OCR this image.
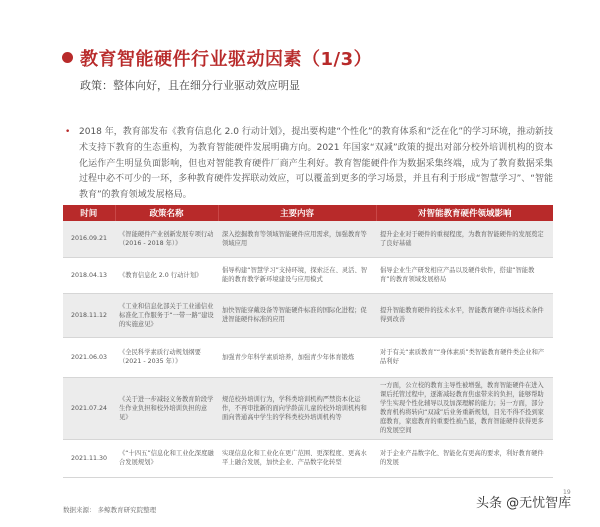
教育智能硬件行业驱动因素（1/3）
政策：整体向好，且在细分行业驱动效应明显
• 2018 年，教育部发布《教育信息化 2.0 行动计划》，提出要构建“个性化”的教育体系和“泛在化”的学习环境，推动新技术支持下教育的生态重构，为教育智能硬件发展明确方向。2021 年国家“双减”政策的提出对部分校外培训机构的资本化运作产生明显负面影响，但也对智能教育硬件厂商产生利好。教育智能硬件作为数据采集终端，成为了教育数据采集过程中必不可少的一环，多种教育硬件发挥联动效应，可以覆盖到更多的学习场景，并且有利于形成“智慧学习”、“智能教育”的教育领域发展格局。
时间	政策名称	主要内容	对智能教育硬件领域影响
2016.09.21	《智能硬件产业创新发展专项行动（2016 - 2018 年）》	深入挖掘教育等领域智能硬件应用需求，加强教育等领域应用	提升企业对于硬件的重视程度，为教育智能硬件的发展奠定了良好基础
2018.04.13	《教育信息化 2.0 行动计划》	倡导构建“智慧学习”支持环境，探索泛在、灵活、智能的教育教学新环境建设与应用模式	倡导企业生产研发相应产品以及硬件软件，搭建“智能教育”的教育领域发展格局
2018.11.12	《工业和信息化部关于工业通信业标准化工作服务于“一带一路”建设的实施意见》	加快智能穿戴设备等智能硬件标准的国际化进程；促进智能硬件标准的应用	提升智能教育硬件的技术水平，智能教育硬件市场技术条件得到改善
2021.06.03	《全民科学素质行动规划纲要（2021 - 2035 年）》	加强青少年科学素质培养，加强青少年体育锻炼	对于有关“素质教育”“身体素质”类智能教育硬件类企业和产品利好
2021.07.24	《关于进一步减轻义务教育阶段学生作业负担和校外培训负担的意见》	规范校外培训行为，学科类培训机构严禁资本化运作，不再审批新的面向学龄前儿童的校外培训机构和面向普通高中学生的学科类校外培训机构等	一方面，公立校的教育主导性被增强，教育智能硬件在进入课后托管过程中，逐渐减轻教育焦虑带来的负担，能够帮助学生实现个性化辅导以及加深理解的能力；另一方面，部分教育机构将转向“双减”后业务重新规划，目光不得不投到家庭教育，家庭教育的重要性被凸显，教育智能硬件获得更多的发展空间
2021.11.30	《“十四五”信息化和工业化深度融合发展规划》	实现信息化和工业化在更广范围、更深程度、更高水平上融合发展，加快企业、产品数字化转型	对于企业产品数字化、智能化有更高的要求，利好教育硬件的发展
数据来源： 多鲸教育研究院整理
19
头条 @无忧智库
